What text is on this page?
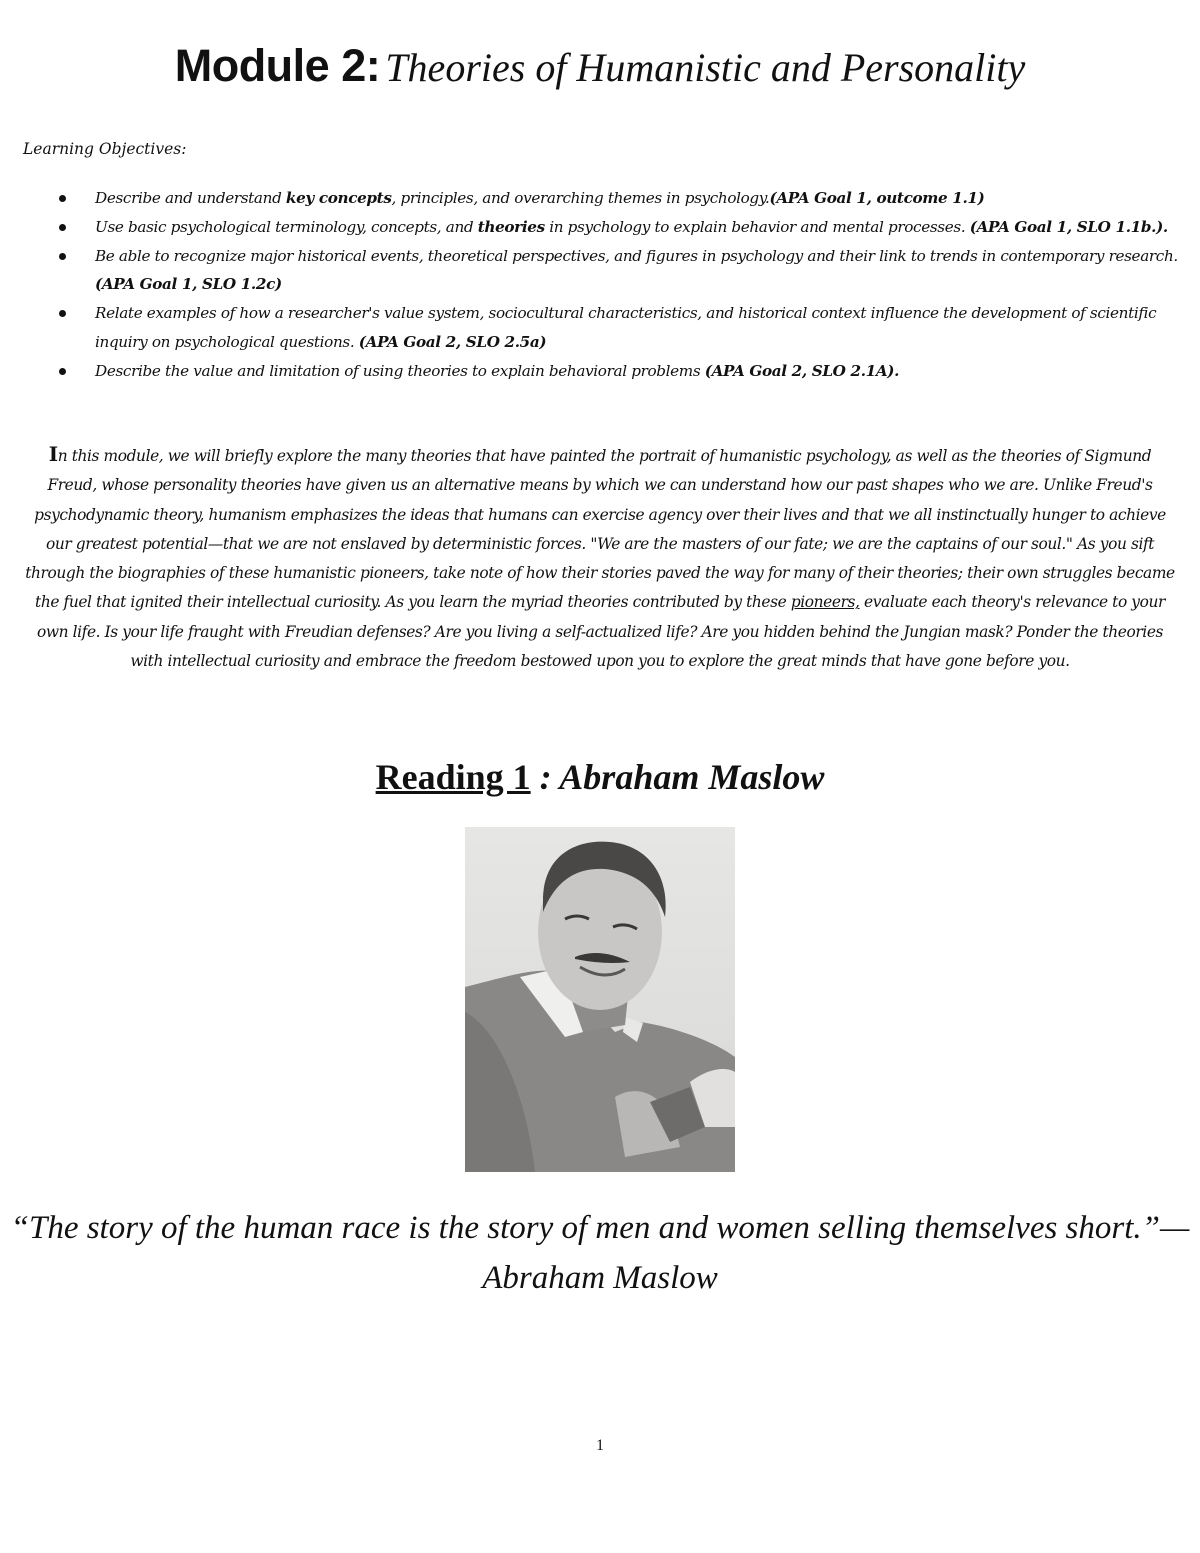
Module 2: Theories of Humanistic and Personality
Learning Objectives:
Describe and understand key concepts, principles, and overarching themes in psychology.(APA Goal 1, outcome 1.1)
Use basic psychological terminology, concepts, and theories in psychology to explain behavior and mental processes. (APA Goal 1, SLO 1.1b.).
Be able to recognize major historical events, theoretical perspectives, and figures in psychology and their link to trends in contemporary research. (APA Goal 1, SLO 1.2c)
Relate examples of how a researcher's value system, sociocultural characteristics, and historical context influence the development of scientific inquiry on psychological questions. (APA Goal 2, SLO 2.5a)
Describe the value and limitation of using theories to explain behavioral problems (APA Goal 2, SLO 2.1A).
In this module, we will briefly explore the many theories that have painted the portrait of humanistic psychology, as well as the theories of Sigmund Freud, whose personality theories have given us an alternative means by which we can understand how our past shapes who we are. Unlike Freud's psychodynamic theory, humanism emphasizes the ideas that humans can exercise agency over their lives and that we all instinctually hunger to achieve our greatest potential—that we are not enslaved by deterministic forces. "We are the masters of our fate; we are the captains of our soul." As you sift through the biographies of these humanistic pioneers, take note of how their stories paved the way for many of their theories; their own struggles became the fuel that ignited their intellectual curiosity. As you learn the myriad theories contributed by these pioneers, evaluate each theory's relevance to your own life. Is your life fraught with Freudian defenses? Are you living a self-actualized life? Are you hidden behind the Jungian mask? Ponder the theories with intellectual curiosity and embrace the freedom bestowed upon you to explore the great minds that have gone before you.
Reading 1 : Abraham Maslow
“The story of the human race is the story of men and women selling themselves short.”—Abraham Maslow
1
